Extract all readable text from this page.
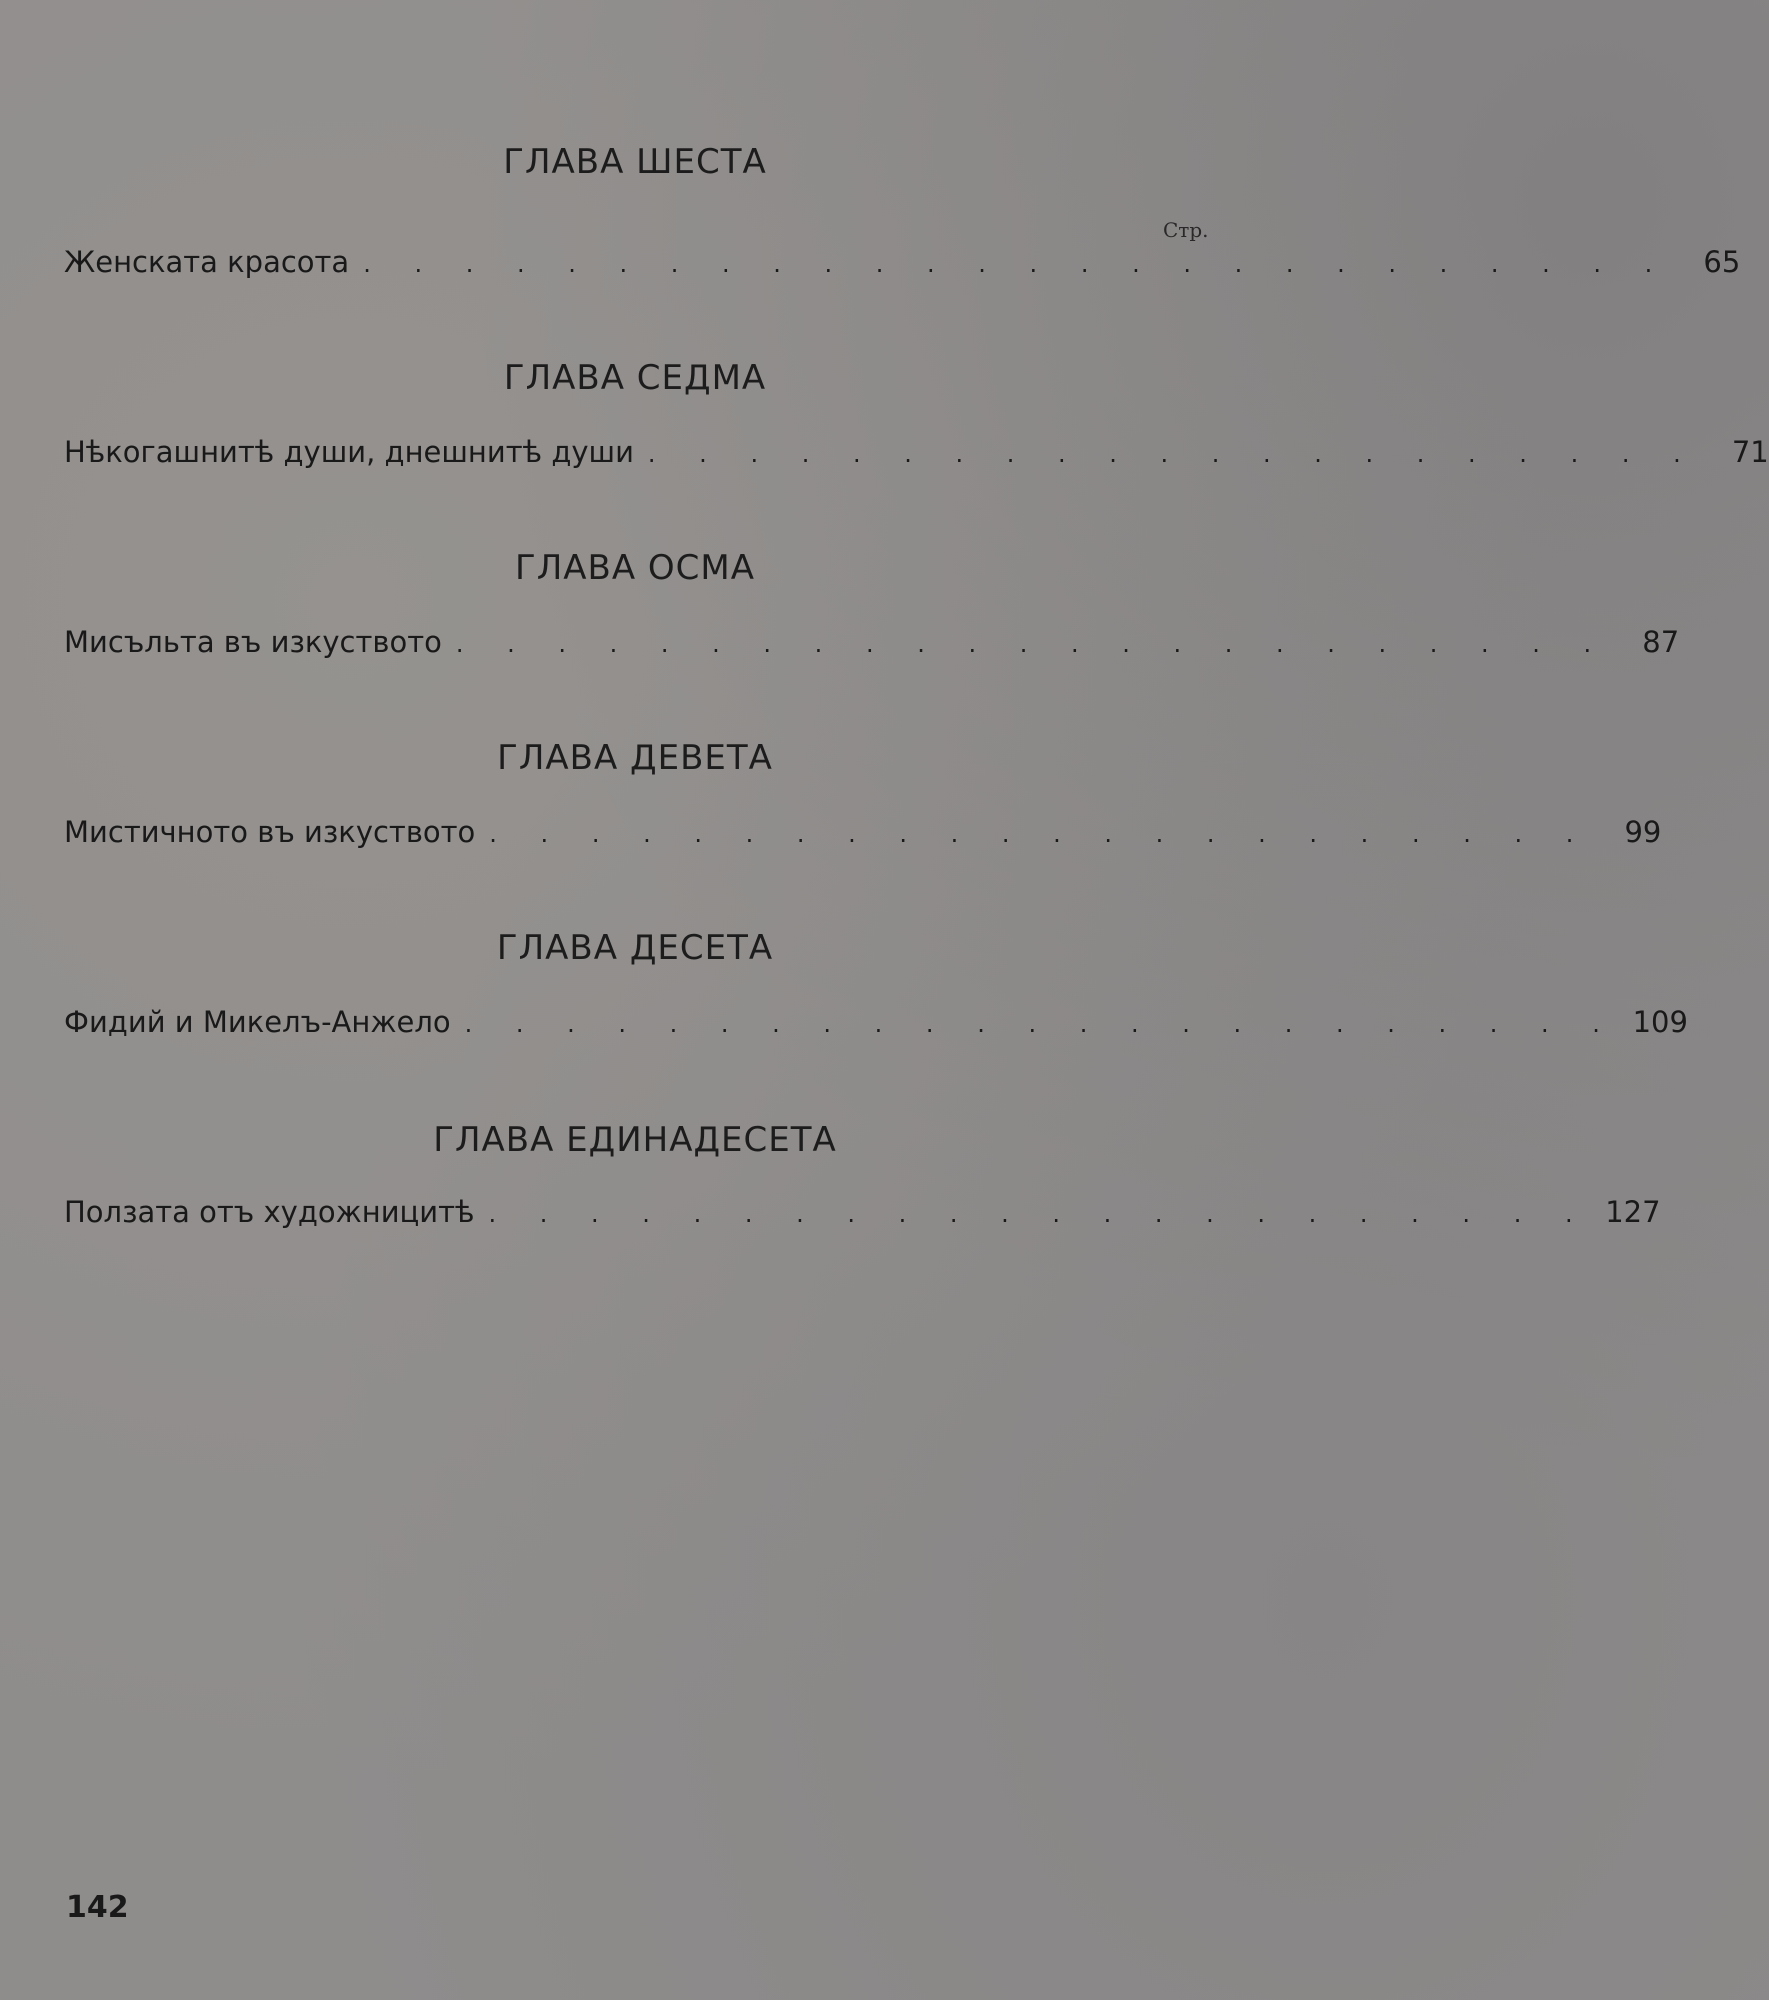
ГЛАВА ШЕСТА
Стр.
Женската красота . . . . . . . . . . . . . . . . . . . . . . . . . .	65
ГЛАВА СЕДМА
Нѣкогашнитѣ души, днешнитѣ души . . . . . . . . . . . . . . . . . . . . .	71
ГЛАВА ОСМА
Мисъльта въ изкуството . . . . . . . . . . . . . . . . . . . . . . .	87
ГЛАВА ДЕВЕТА
Мистичното въ изкуството . . . . . . . . . . . . . . . . . . . . . .	99
ГЛАВА ДЕСЕТА
Фидий и Микелъ-Анжело . . . . . . . . . . . . . . . . . . . . . . . 109
ГЛАВА ЕДИНАДЕСЕТА
Ползата отъ художницитѣ . . . . . . . . . . . . . . . . . . . . . . 127
142
